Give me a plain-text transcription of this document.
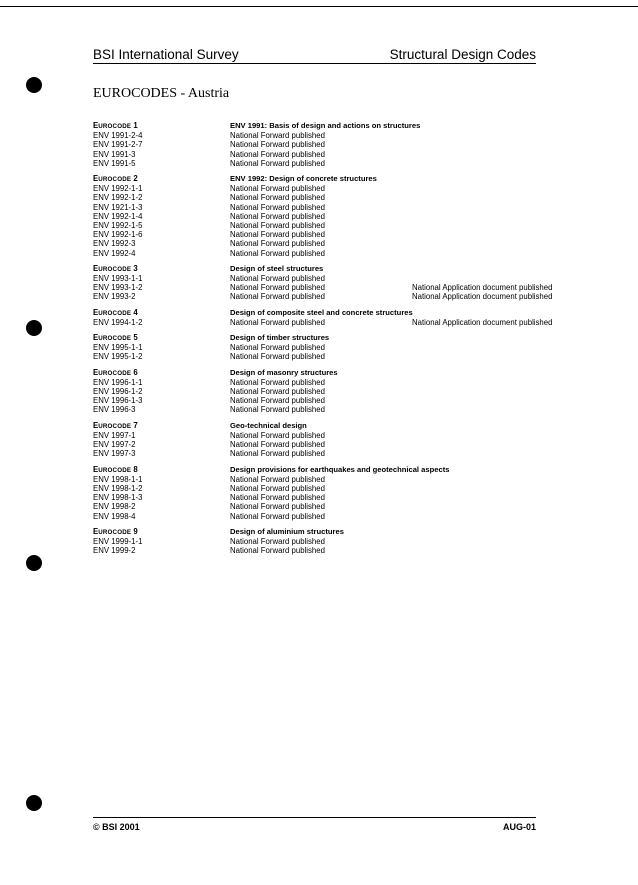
BSI International Survey	Structural Design Codes
EUROCODES - Austria
EUROCODE 1	ENV 1991: Basis of design and actions on structures
ENV 1991-2-4	National Forward published
ENV 1991-2-7	National Forward published
ENV 1991-3	National Forward published
ENV 1991-5	National Forward published
EUROCODE 2	ENV 1992: Design of concrete structures
ENV 1992-1-1	National Forward published
ENV 1992-1-2	National Forward published
ENV 1921-1-3	National Forward published
ENV 1992-1-4	National Forward published
ENV 1992-1-5	National Forward published
ENV 1992-1-6	National Forward published
ENV 1992-3	National Forward published
ENV 1992-4	National Forward published
EUROCODE 3	Design of steel structures
ENV 1993-1-1	National Forward published
ENV 1993-1-2	National Forward published	National Application document published
ENV 1993-2	National Forward published	National Application document published
EUROCODE 4	Design of composite steel and concrete structures
ENV 1994-1-2	National Forward published	National Application document published
EUROCODE 5	Design of timber structures
ENV 1995-1-1	National Forward published
ENV 1995-1-2	National Forward published
EUROCODE 6	Design of masonry structures
ENV 1996-1-1	National Forward published
ENV 1996-1-2	National Forward published
ENV 1996-1-3	National Forward published
ENV 1996-3	National Forward published
EUROCODE 7	Geo-technical design
ENV 1997-1	National Forward published
ENV 1997-2	National Forward published
ENV 1997-3	National Forward published
EUROCODE 8	Design provisions for earthquakes and geotechnical aspects
ENV 1998-1-1	National Forward published
ENV 1998-1-2	National Forward published
ENV 1998-1-3	National Forward published
ENV 1998-2	National Forward published
ENV 1998-4	National Forward published
EUROCODE 9	Design of aluminium structures
ENV 1999-1-1	National Forward published
ENV 1999-2	National Forward published
© BSI 2001	AUG-01
